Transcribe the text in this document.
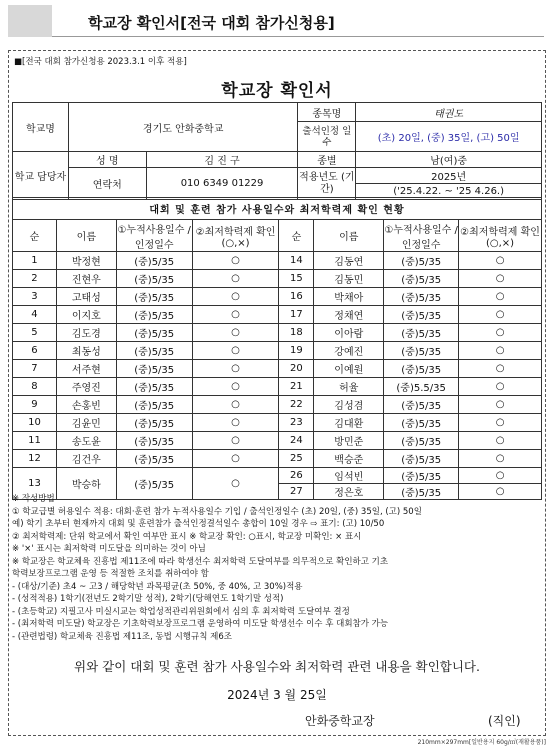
학교장 확인서[전국 대회 참가신청용]
■[전국 대회 참가신청용 2023.3.1 이후 적용]
학교장 확인서
학교명	경기도 안화중학교		종목명	태권도
			출석인정 일수	(초) 20일, (중) 35일, (고) 50일
학교 담당자	성 명	김 진 구	종별	남(여)중
	연락처	010 6349 01229	적용년도 (기간)	2025년
				('25.4.22. ~ '25 4.26.)
대회 및 훈련 참가 사용일수와 최저학력제 확인 현황							
순	이름	①누적사용일수 /인정일수	②최저학력제 확인(○,×)	순	이름	①누적사용일수 /인정일수	②최저학력제 확인(○,×)
1	박정현	(중)5/35	○	14	김동연	(중)5/35	○
2	진현우	(중)5/35	○	15	김동민	(중)5/35	○
3	고태성	(중)5/35	○	16	박채아	(중)5/35	○
4	이지호	(중)5/35	○	17	정채연	(중)5/35	○
5	김도경	(중)5/35	○	18	이아람	(중)5/35	○
6	최동성	(중)5/35	○	19	강예진	(중)5/35	○
7	서주현	(중)5/35	○	20	이예원	(중)5/35	○
8	주영진	(중)5/35	○	21	허율	(중)5.5/35	○
9	손홍빈	(중)5/35	○	22	김성겸	(중)5/35	○
10	김윤민	(중)5/35	○	23	김대환	(중)5/35	○
11	송도윤	(중)5/35	○	24	방민준	(중)5/35	○
12	김건우	(중)5/35	○	25	백승준	(중)5/35	○
13	박승하	(중)5/35	○	26	임석빈	(중)5/35	○
				27	정은호	(중)5/35	○
※ 작성방법
① 학교급별 허용일수 적용: 대회·훈련 참가 누적사용일수 기입 / 출석인정일수 (초) 20일, (중) 35일, (고) 50일
예) 학기 초부터 현재까지 대회 및 훈련참가 출석인정결석일수 총합이 10일 경우 ⇨ 표기: (고) 10/50
② 최저학력제: 단위 학교에서 확인 여부만 표시 ※ 학교장 확인: ○표시, 학교장 미확인: × 표시
※ '×' 표시는 최저학력 미도달을 의미하는 것이 아님
※ 학교장은 학교체육 진흥법 제11조에 따라 학생선수 최저학력 도달여부를 의무적으로 확인하고 기초
학력보장프로그램 운영 등 적절한 조치를 취하여야 함
- (대상/기준) 초4 ~ 고3 / 해당학년 과목평균(초 50%, 중 40%, 고 30%)적용
- (성적적용) 1학기(전년도 2학기말 성적), 2학기(당해연도 1학기말 성적)
- (초등학교) 지필고사 미실시교는 학업성적관리위원회에서 심의 후 최저학력 도달여부 결정
- (최저학력 미도달) 학교장은 기초학력보장프로그램 운영하여 미도달 학생선수 이수 후 대회참가 가능
- (관련법령) 학교체육 진흥법 제11조, 동법 시행규칙 제6조
위와 같이 대회 및 훈련 참가 사용일수와 최저학력 관련 내용을 확인합니다.
2024년 3 월 25일
안화중학교장	(직인)
210mm×297mm[일반용지 60g/㎡(재활용품)]
